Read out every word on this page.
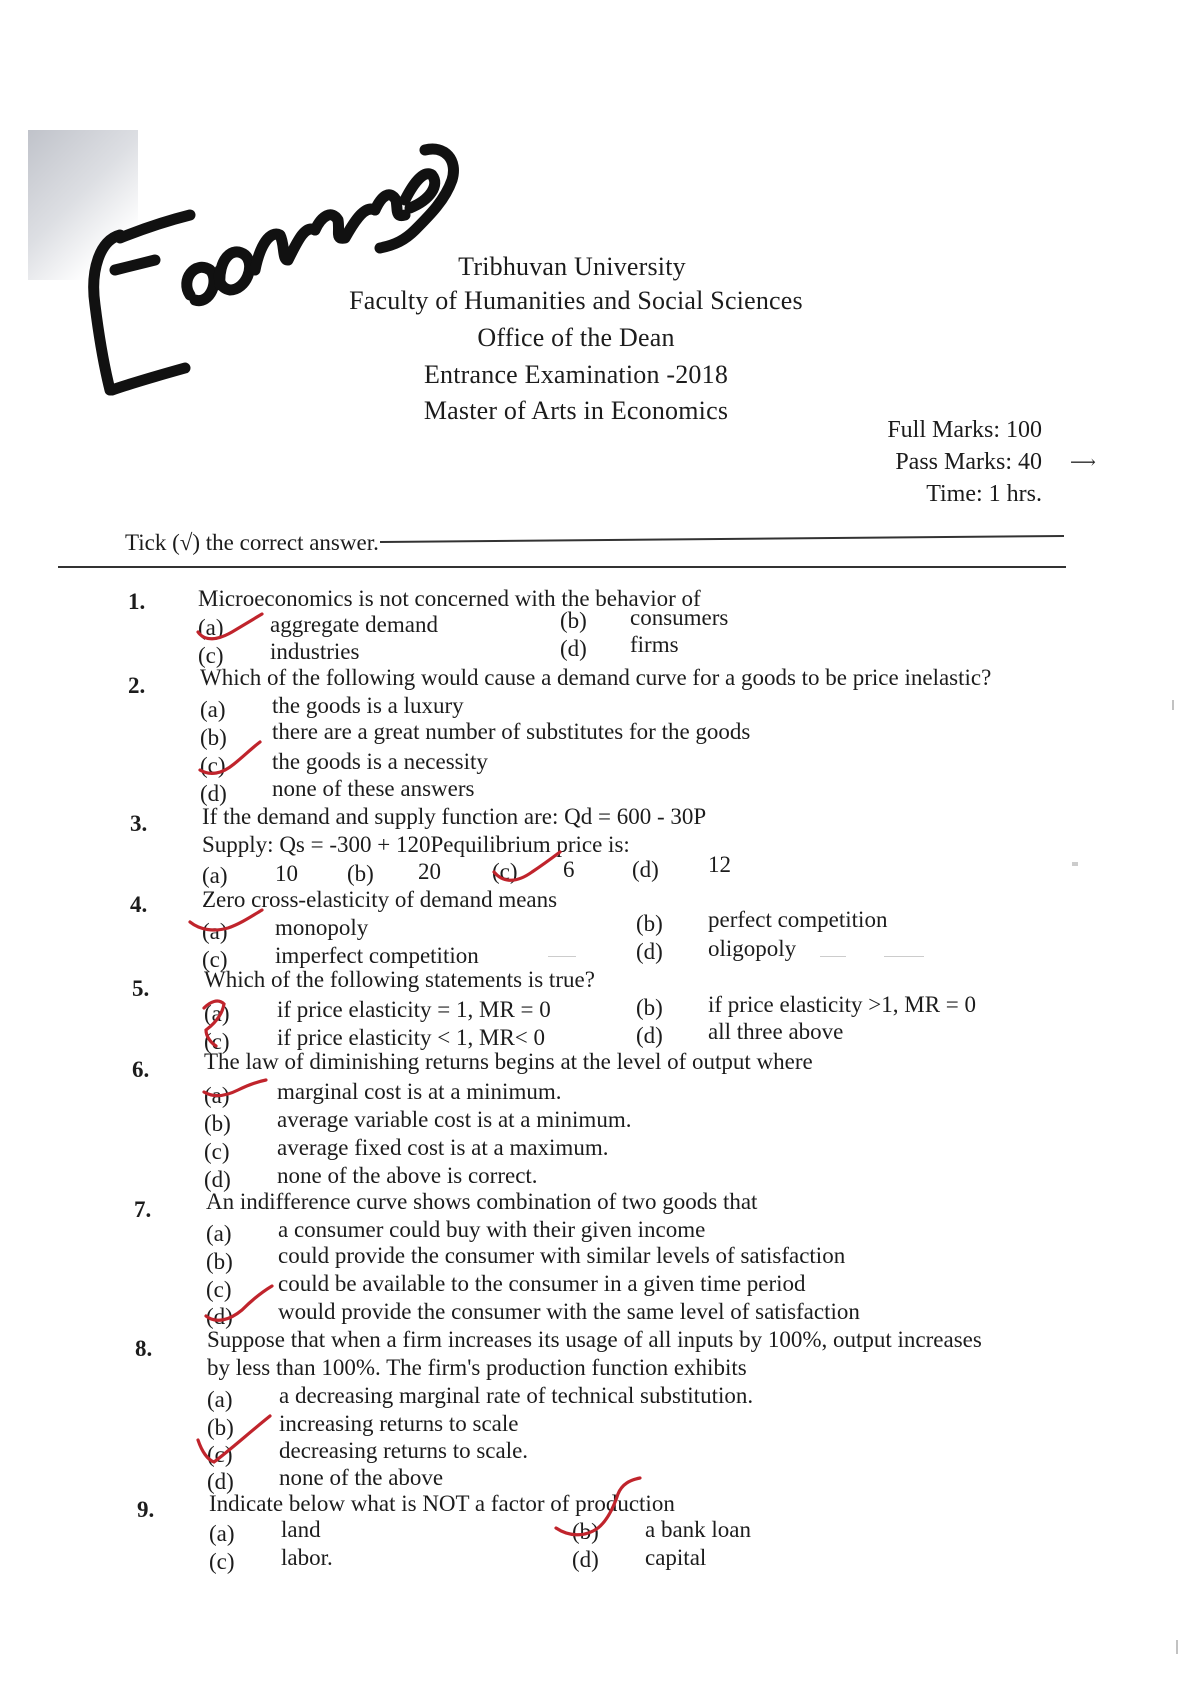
Tribhuvan University
Faculty of Humanities and Social Sciences
Office of the Dean
Entrance Examination -2018
Master of Arts in Economics
Full Marks: 100
Pass Marks: 40 ⟶
Time: 1 hrs.
Tick (√) the correct answer.
1. Microeconomics is not concerned with the behavior of
(a) aggregate demand	(b) consumers
(c) industries	(d) firms
2. Which of the following would cause a demand curve for a goods to be price inelastic?
(a) the goods is a luxury
(b) there are a great number of substitutes for the goods
(c) the goods is a necessity
(d) none of these answers
3. If the demand and supply function are: Qd = 600 - 30P
Supply: Qs = -300 + 120Pequilibrium price is:
(a) 10 (b) 20 (c) 6	(d) 12
4. Zero cross-elasticity of demand means
(a) monopoly	(b) perfect competition
(c) imperfect competition	(d) oligopoly
5. Which of the following statements is true?
(a) if price elasticity = 1, MR = 0	(b) if price elasticity >1, MR = 0
(c) if price elasticity < 1, MR< 0	(d) all three above
6. The law of diminishing returns begins at the level of output where
(a) marginal cost is at a minimum.
(b) average variable cost is at a minimum.
(c) average fixed cost is at a maximum.
(d) none of the above is correct.
7. An indifference curve shows combination of two goods that
(a) a consumer could buy with their given income
(b) could provide the consumer with similar levels of satisfaction
(c) could be available to the consumer in a given time period
(d) would provide the consumer with the same level of satisfaction
8. Suppose that when a firm increases its usage of all inputs by 100%, output increases
by less than 100%. The firm's production function exhibits
(a) a decreasing marginal rate of technical substitution.
(b) increasing returns to scale
(c) decreasing returns to scale.
(d) none of the above
9. Indicate below what is NOT a factor of production
(a) land	(b) a bank loan
(c) labor.	(d) capital
